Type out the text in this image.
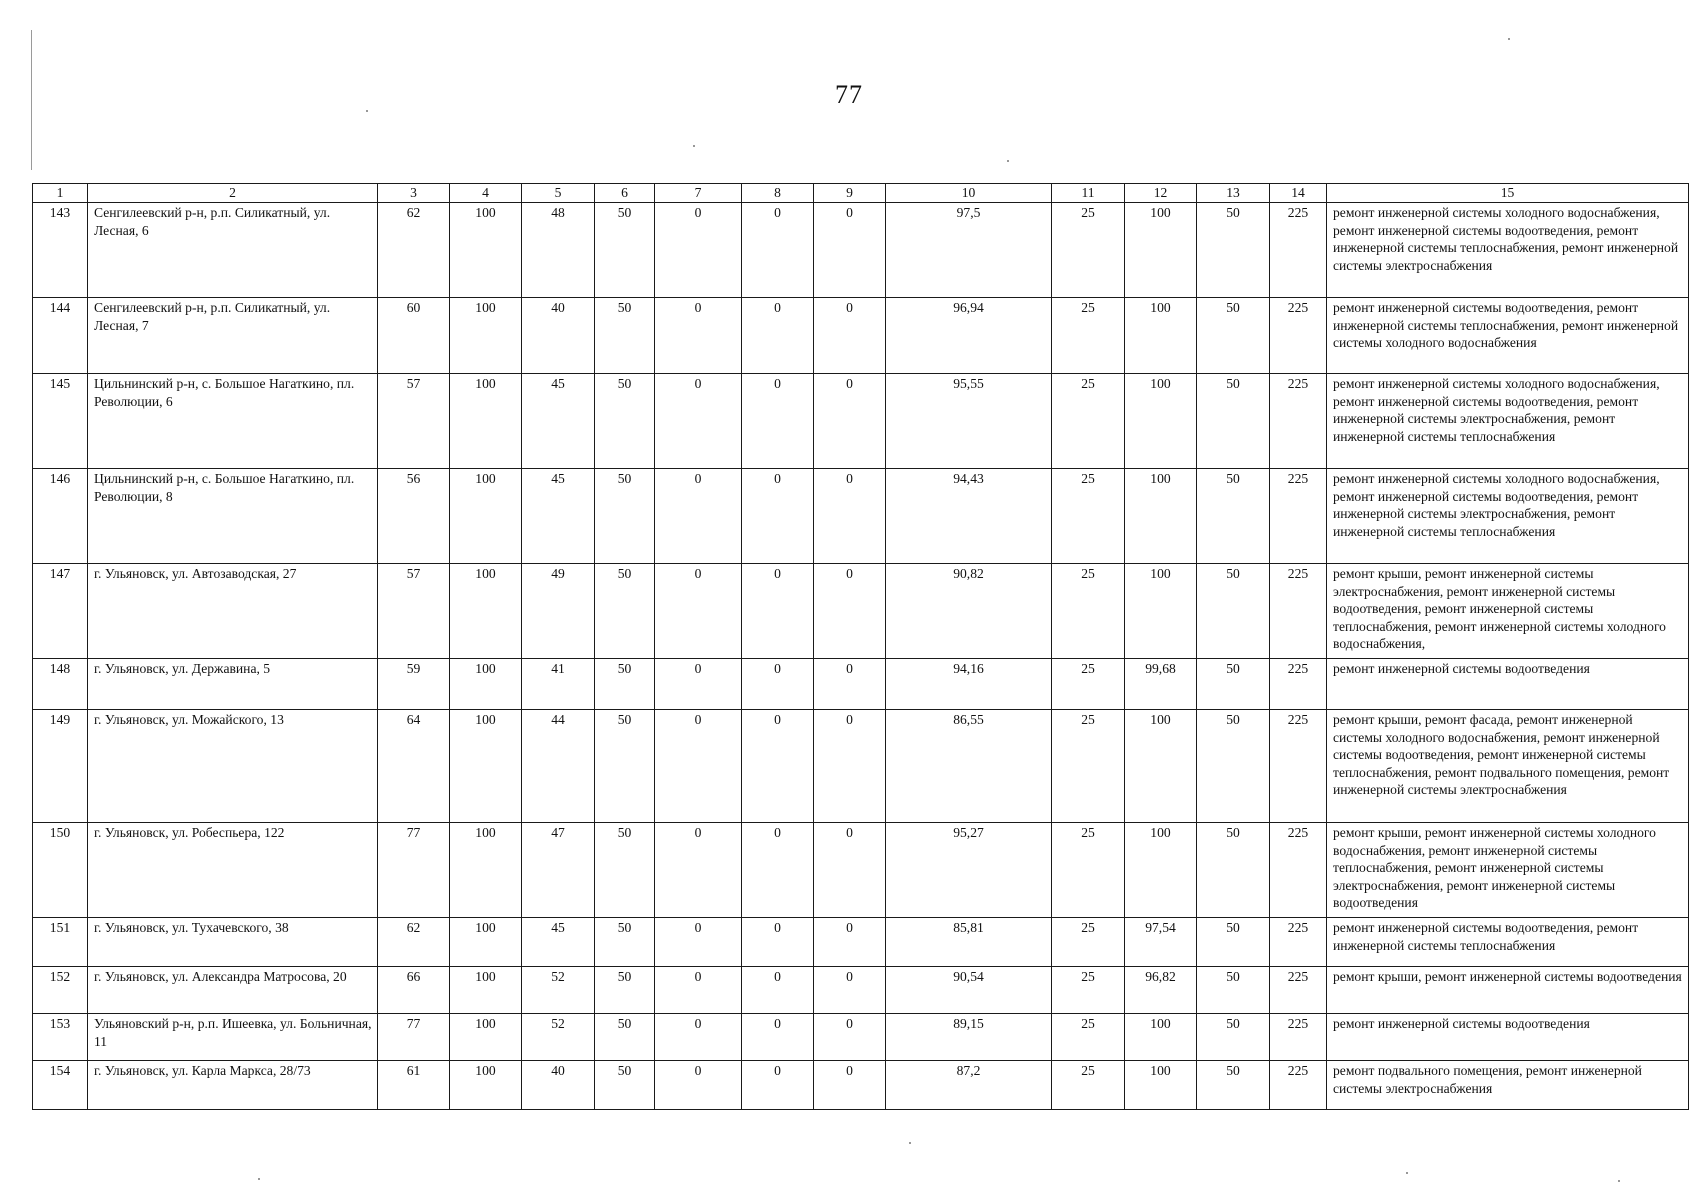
77
1	2	3	4	5	6	7	8	9	10	11	12	13	14	15
143	Сенгилеевский р-н, р.п. Силикатный, ул. Лесная, 6	62	100	48	50	0	0	0	97,5	25	100	50	225	ремонт инженерной системы холодного водоснабжения, ремонт инженерной системы водоотведения, ремонт инженерной системы теплоснабжения, ремонт инженерной системы электроснабжения
144	Сенгилеевский р-н, р.п. Силикатный, ул. Лесная, 7	60	100	40	50	0	0	0	96,94	25	100	50	225	ремонт инженерной системы водоотведения, ремонт инженерной системы теплоснабжения, ремонт инженерной системы холодного водоснабжения
145	Цильнинский р-н, с. Большое Нагаткино, пл. Революции, 6	57	100	45	50	0	0	0	95,55	25	100	50	225	ремонт инженерной системы холодного водоснабжения, ремонт инженерной системы водоотведения, ремонт инженерной системы электроснабжения, ремонт инженерной системы теплоснабжения
146	Цильнинский р-н, с. Большое Нагаткино, пл. Революции, 8	56	100	45	50	0	0	0	94,43	25	100	50	225	ремонт инженерной системы холодного водоснабжения, ремонт инженерной системы водоотведения, ремонт инженерной системы электроснабжения, ремонт инженерной системы теплоснабжения
147	г. Ульяновск, ул. Автозаводская, 27	57	100	49	50	0	0	0	90,82	25	100	50	225	ремонт крыши, ремонт инженерной системы электроснабжения, ремонт инженерной системы водоотведения, ремонт инженерной системы теплоснабжения, ремонт инженерной системы холодного водоснабжения,
148	г. Ульяновск, ул. Державина, 5	59	100	41	50	0	0	0	94,16	25	99,68	50	225	ремонт инженерной системы водоотведения
149	г. Ульяновск, ул. Можайского, 13	64	100	44	50	0	0	0	86,55	25	100	50	225	ремонт крыши, ремонт фасада, ремонт инженерной системы холодного водоснабжения, ремонт инженерной системы водоотведения, ремонт инженерной системы теплоснабжения, ремонт подвального помещения, ремонт инженерной системы электроснабжения
150	г. Ульяновск, ул. Робеспьера, 122	77	100	47	50	0	0	0	95,27	25	100	50	225	ремонт крыши, ремонт инженерной системы холодного водоснабжения, ремонт инженерной системы теплоснабжения, ремонт инженерной системы электроснабжения, ремонт инженерной системы водоотведения
151	г. Ульяновск, ул. Тухачевского, 38	62	100	45	50	0	0	0	85,81	25	97,54	50	225	ремонт инженерной системы водоотведения, ремонт инженерной системы теплоснабжения
152	г. Ульяновск, ул. Александра Матросова, 20	66	100	52	50	0	0	0	90,54	25	96,82	50	225	ремонт крыши, ремонт инженерной системы водоотведения
153	Ульяновский р-н, р.п. Ишеевка, ул. Больничная, 11	77	100	52	50	0	0	0	89,15	25	100	50	225	ремонт инженерной системы водоотведения
154	г. Ульяновск, ул. Карла Маркса, 28/73	61	100	40	50	0	0	0	87,2	25	100	50	225	ремонт подвального помещения, ремонт инженерной системы электроснабжения
